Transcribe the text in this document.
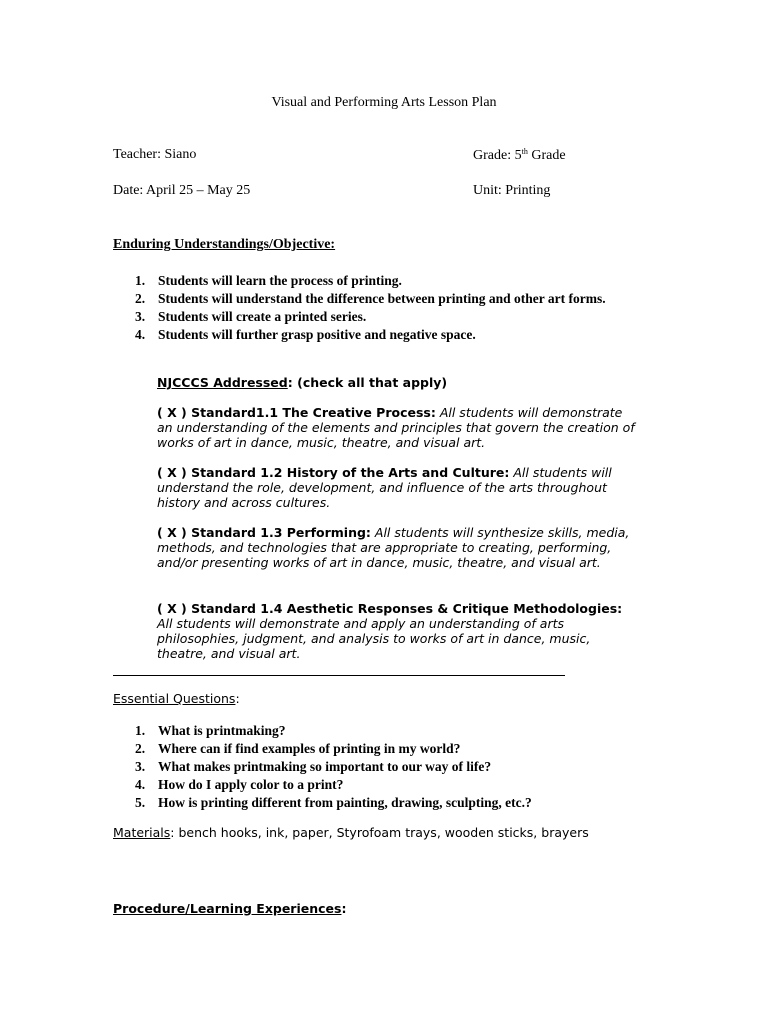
Visual and Performing Arts Lesson Plan
Teacher: Siano	Grade: 5th Grade
Date: April 25 – May 25	Unit: Printing
Enduring Understandings/Objective:
1. Students will learn the process of printing.
2. Students will understand the difference between printing and other art forms.
3. Students will create a printed series.
4. Students will further grasp positive and negative space.
NJCCCS Addressed: (check all that apply)
( X ) Standard1.1 The Creative Process: All students will demonstrate an understanding of the elements and principles that govern the creation of works of art in dance, music, theatre, and visual art.
( X ) Standard 1.2 History of the Arts and Culture: All students will understand the role, development, and influence of the arts throughout history and across cultures.
( X ) Standard 1.3 Performing: All students will synthesize skills, media, methods, and technologies that are appropriate to creating, performing, and/or presenting works of art in dance, music, theatre, and visual art.
( X ) Standard 1.4 Aesthetic Responses & Critique Methodologies: All students will demonstrate and apply an understanding of arts philosophies, judgment, and analysis to works of art in dance, music, theatre, and visual art.
Essential Questions:
1. What is printmaking?
2. Where can if find examples of printing in my world?
3. What makes printmaking so important to our way of life?
4. How do I apply color to a print?
5. How is printing different from painting, drawing, sculpting, etc.?
Materials: bench hooks, ink, paper, Styrofoam trays, wooden sticks, brayers
Procedure/Learning Experiences:
